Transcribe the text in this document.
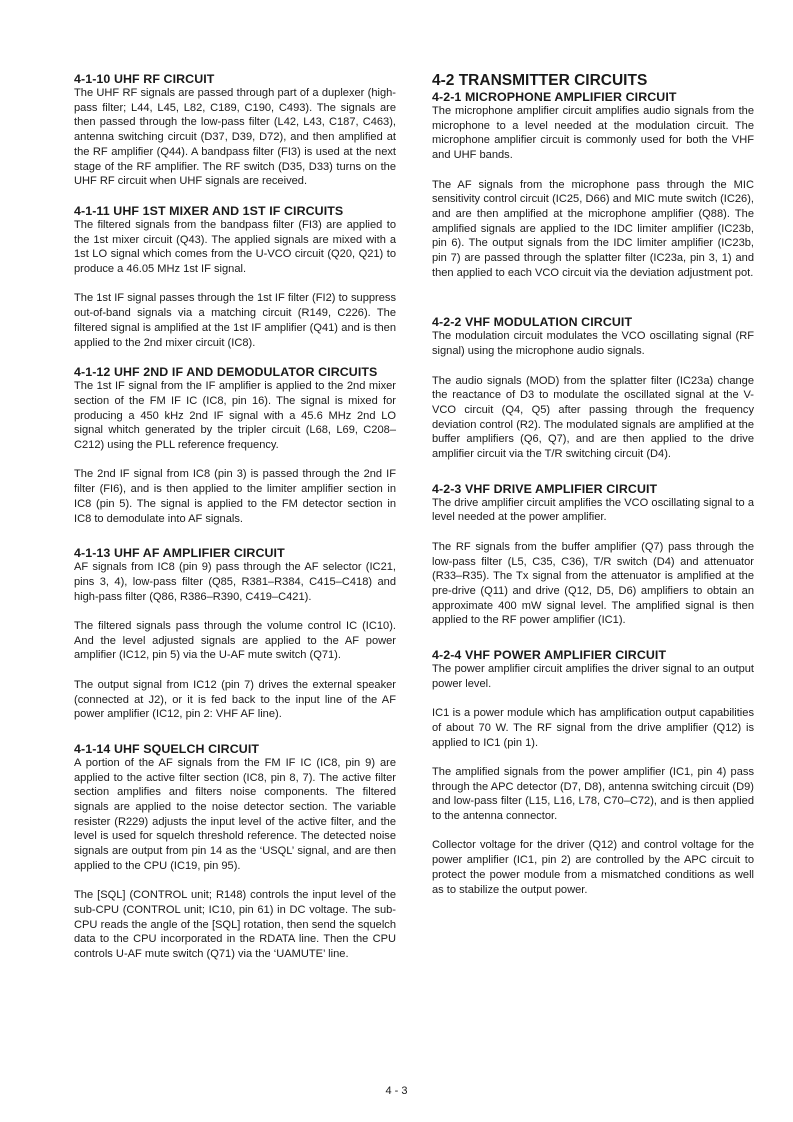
4-1-10 UHF RF CIRCUIT

The UHF RF signals are passed through part of a duplexer (high-pass filter; L44, L45, L82, C189, C190, C493). The signals are then passed through the low-pass filter (L42, L43, C187, C463), antenna switching circuit (D37, D39, D72), and then amplified at the RF amplifier (Q44). A bandpass filter (FI3) is used at the next stage of the RF amplifier. The RF switch (D35, D33) turns on the UHF RF circuit when UHF signals are received.

4-1-11 UHF 1ST MIXER AND 1ST IF CIRCUITS

The filtered signals from the bandpass filter (FI3) are applied to the 1st mixer circuit (Q43). The applied signals are mixed with a 1st LO signal which comes from the U-VCO circuit (Q20, Q21) to produce a 46.05 MHz 1st IF signal.

The 1st IF signal passes through the 1st IF filter (FI2) to suppress out-of-band signals via a matching circuit (R149, C226). The filtered signal is amplified at the 1st IF amplifier (Q41) and is then applied to the 2nd mixer circuit (IC8).

4-1-12 UHF 2ND IF AND DEMODULATOR CIRCUITS

The 1st IF signal from the IF amplifier is applied to the 2nd mixer section of the FM IF IC (IC8, pin 16). The signal is mixed for producing a 450 kHz 2nd IF signal with a 45.6 MHz 2nd LO signal whitch generated by the tripler circuit (L68, L69, C208–C212) using the PLL reference frequency.

The 2nd IF signal from IC8 (pin 3) is passed through the 2nd IF filter (FI6), and is then applied to the limiter amplifier section in IC8 (pin 5). The signal is applied to the FM detector section in IC8 to demodulate into AF signals.

4-1-13 UHF AF AMPLIFIER CIRCUIT

AF signals from IC8 (pin 9) pass through the AF selector (IC21, pins 3, 4), low-pass filter (Q85, R381–R384, C415–C418) and high-pass filter (Q86, R386–R390, C419–C421).

The filtered signals pass through the volume control IC (IC10). And the level adjusted signals are applied to the AF power amplifier (IC12, pin 5) via the U-AF mute switch (Q71).

The output signal from IC12 (pin 7) drives the external speaker (connected at J2), or it is fed back to the input line of the AF power amplifier (IC12, pin 2: VHF AF line).

4-1-14 UHF SQUELCH CIRCUIT

A portion of the AF signals from the FM IF IC (IC8, pin 9) are applied to the active filter section (IC8, pin 8, 7). The active filter section amplifies and filters noise components. The filtered signals are applied to the noise detector section. The variable resister (R229) adjusts the input level of the active filter, and the level is used for squelch threshold reference. The detected noise signals are output from pin 14 as the ‘USQL’ signal, and are then applied to the CPU (IC19, pin 95).

The [SQL] (CONTROL unit; R148) controls the input level of the sub-CPU (CONTROL unit; IC10, pin 61) in DC voltage. The sub-CPU reads the angle of the [SQL] rotation, then send the squelch data to the CPU incorporated in the RDATA line. Then the CPU controls U-AF mute switch (Q71) via the ‘UAMUTE’ line.

4-2 TRANSMITTER CIRCUITS
4-2-1 MICROPHONE AMPLIFIER CIRCUIT

The microphone amplifier circuit amplifies audio signals from the microphone to a level needed at the modulation circuit. The microphone amplifier circuit is commonly used for both the VHF and UHF bands.

The AF signals from the microphone pass through the MIC sensitivity control circuit (IC25, D66) and MIC mute switch (IC26), and are then amplified at the microphone amplifier (Q88). The amplified signals are applied to the IDC limiter amplifier (IC23b, pin 6). The output signals from the IDC limiter amplifier (IC23b, pin 7) are passed through the splatter filter (IC23a, pin 3, 1) and then applied to each VCO circuit via the deviation adjustment pot.

4-2-2 VHF MODULATION CIRCUIT

The modulation circuit modulates the VCO oscillating signal (RF signal) using the microphone audio signals.

The audio signals (MOD) from the splatter filter (IC23a) change the reactance of D3 to modulate the oscillated signal at the V-VCO circuit (Q4, Q5) after passing through the frequency deviation control (R2). The modulated signals are amplified at the buffer amplifiers (Q6, Q7), and are then applied to the drive amplifier circuit via the T/R switching circuit (D4).

4-2-3 VHF DRIVE AMPLIFIER CIRCUIT

The drive amplifier circuit amplifies the VCO oscillating signal to a level needed at the power amplifier.

The RF signals from the buffer amplifier (Q7) pass through the low-pass filter (L5, C35, C36), T/R switch (D4) and attenuator (R33–R35). The Tx signal from the attenuator is amplified at the pre-drive (Q11) and drive (Q12, D5, D6) amplifiers to obtain an approximate 400 mW signal level. The amplified signal is then applied to the RF power amplifier (IC1).

4-2-4 VHF POWER AMPLIFIER CIRCUIT

The power amplifier circuit amplifies the driver signal to an output power level.

IC1 is a power module which has amplification output capabilities of about 70 W. The RF signal from the drive amplifier (Q12) is applied to IC1 (pin 1).

The amplified signals from the power amplifier (IC1, pin 4) pass through the APC detector (D7, D8), antenna switching circuit (D9) and low-pass filter (L15, L16, L78, C70–C72), and is then applied to the antenna connector.

Collector voltage for the driver (Q12) and control voltage for the power amplifier (IC1, pin 2) are controlled by the APC circuit to protect the power module from a mismatched conditions as well as to stabilize the output power.

4 - 3
